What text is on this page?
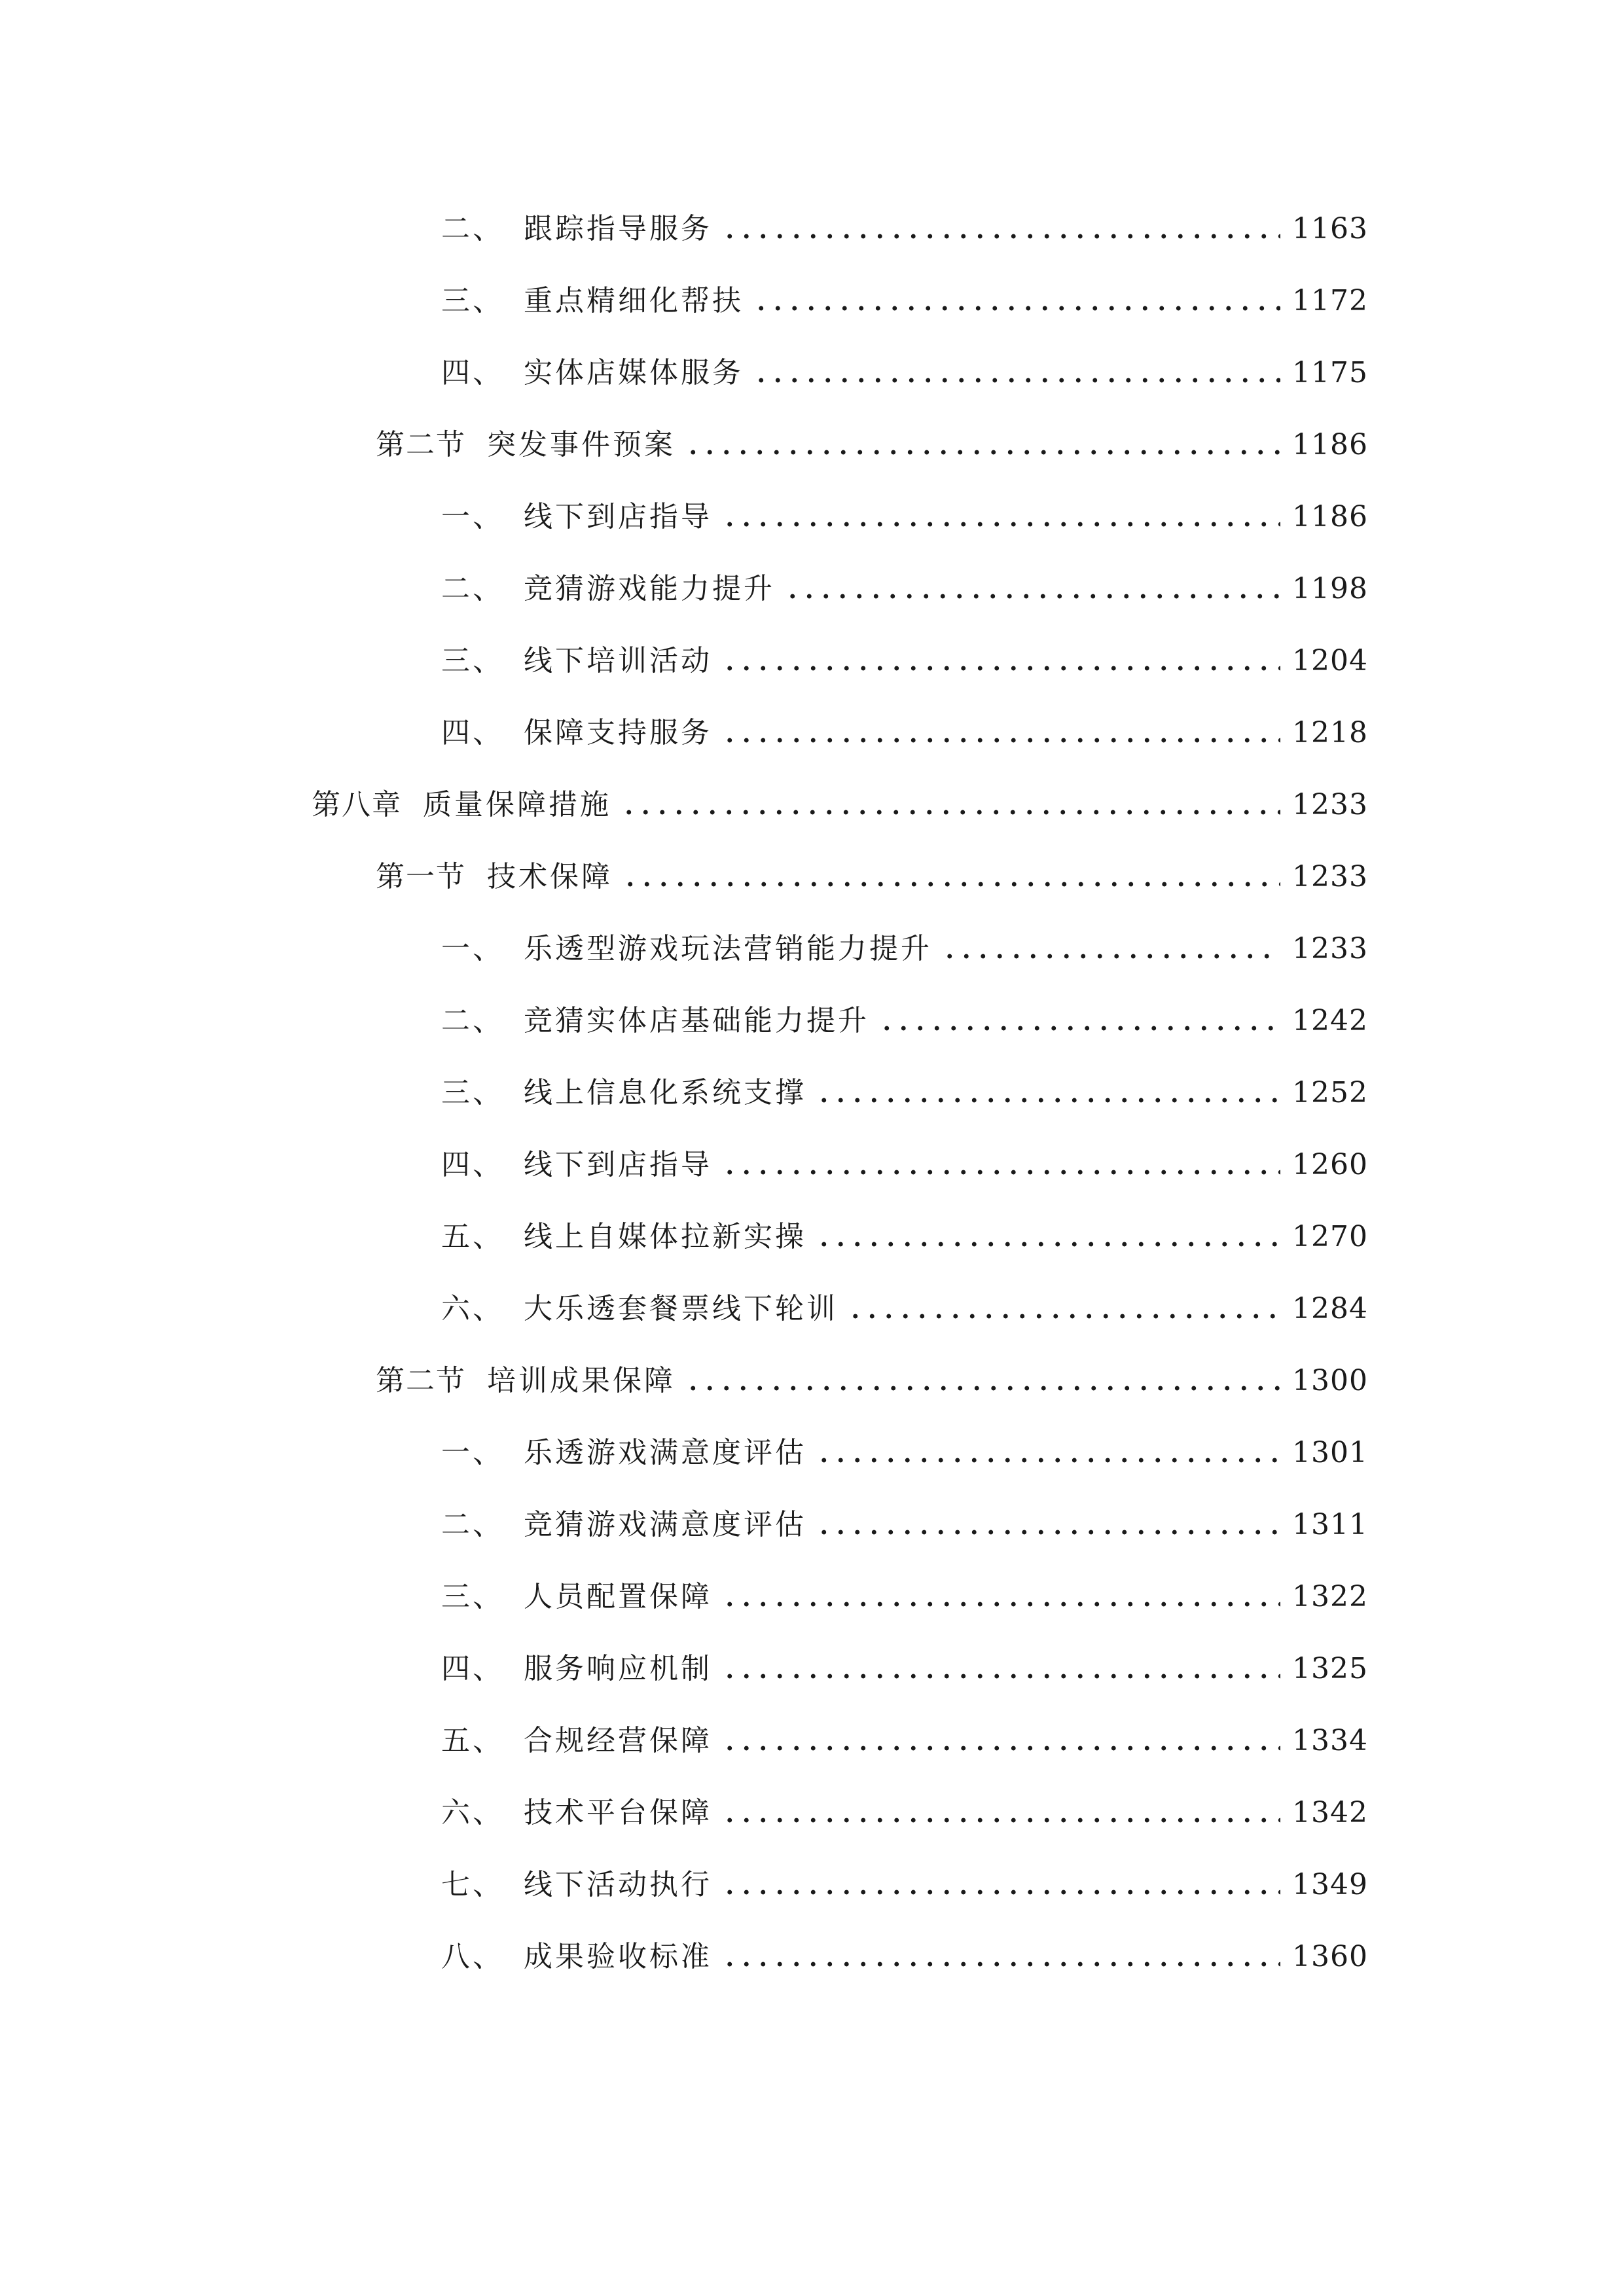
二、 跟踪指导服务	1163
三、 重点精细化帮扶	1172
四、 实体店媒体服务	1175
第二节 突发事件预案	1186
一、 线下到店指导	1186
二、 竞猜游戏能力提升	1198
三、 线下培训活动	1204
四、 保障支持服务	1218
第八章 质量保障措施	1233
第一节 技术保障	1233
一、 乐透型游戏玩法营销能力提升	1233
二、 竞猜实体店基础能力提升	1242
三、 线上信息化系统支撑	1252
四、 线下到店指导	1260
五、 线上自媒体拉新实操	1270
六、 大乐透套餐票线下轮训	1284
第二节 培训成果保障	1300
一、 乐透游戏满意度评估	1301
二、 竞猜游戏满意度评估	1311
三、 人员配置保障	1322
四、 服务响应机制	1325
五、 合规经营保障	1334
六、 技术平台保障	1342
七、 线下活动执行	1349
八、 成果验收标准	1360
